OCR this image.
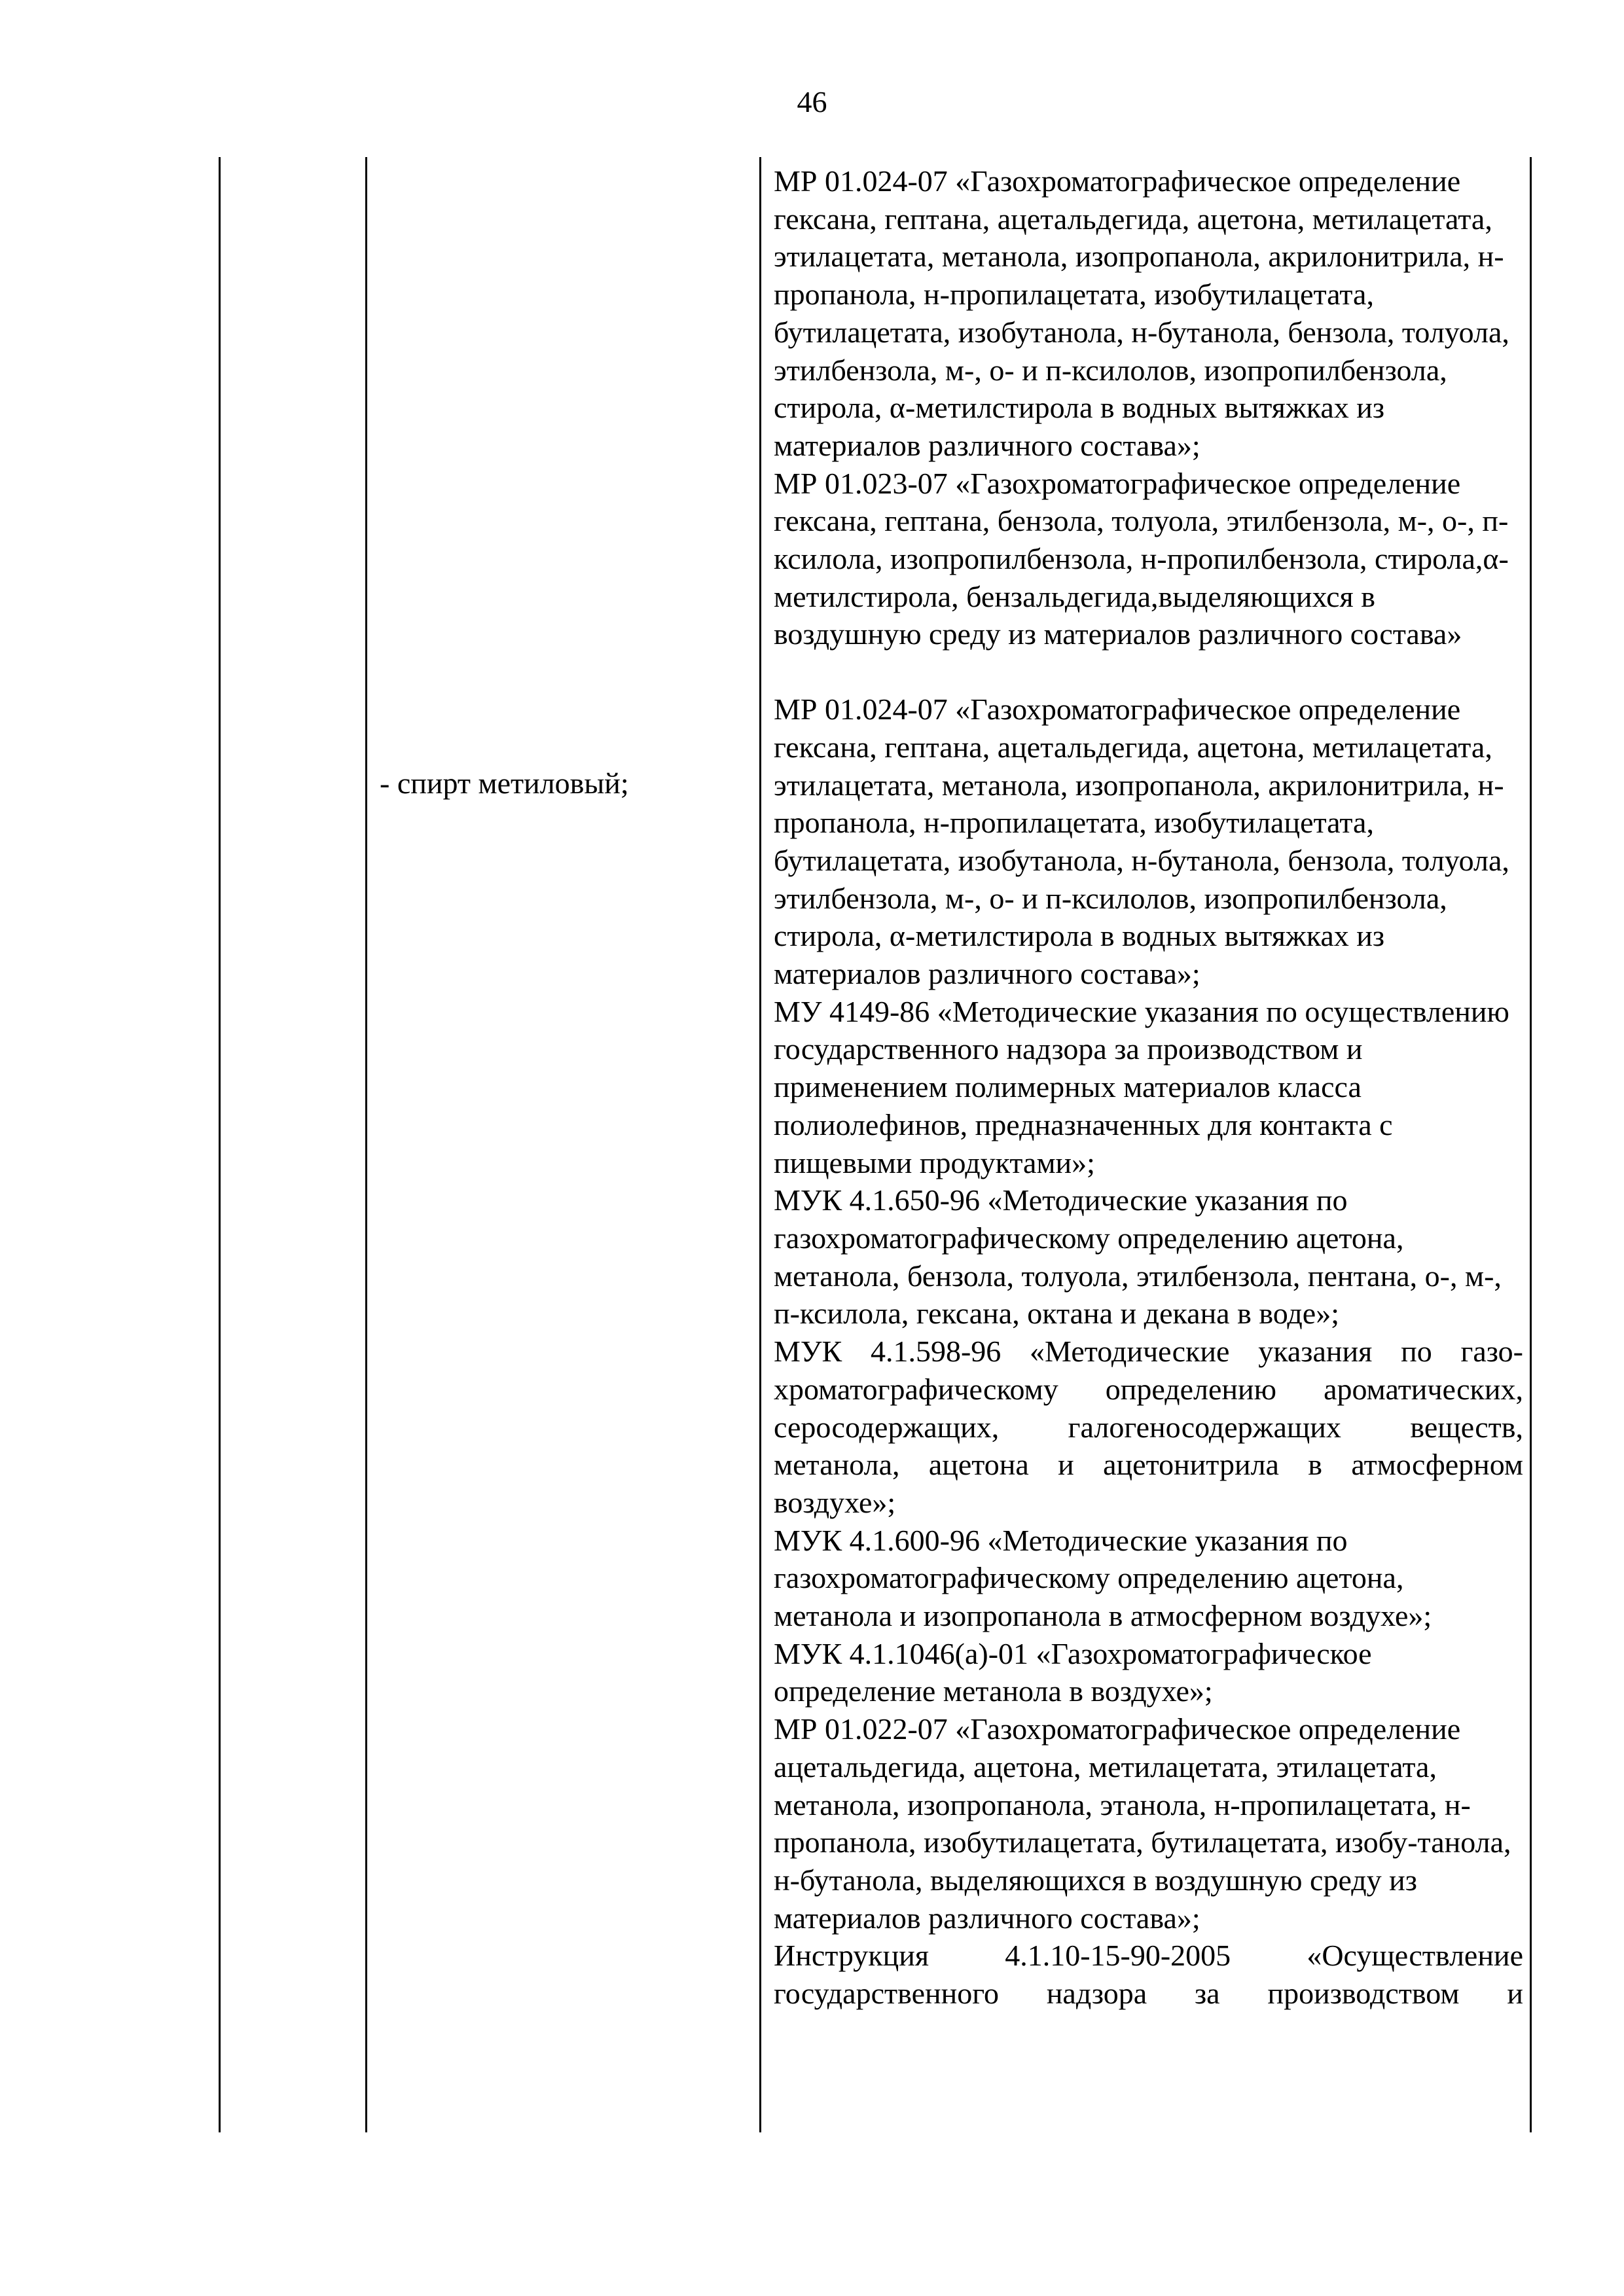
46
- спирт метиловый;

МР 01.024-07 «Газохроматографическое определение гексана, гептана, ацетальдегида, ацетона, метилацетата, этилацетата, метанола, изопропанола, акрилонитрила, н-пропанола, н-пропилацетата, изобутилацетата, бутилацетата, изобутанола, н-бутанола, бензола, толуола, этилбензола, м-, о- и п-ксилолов, изопропилбензола, стирола, α-метилстирола в водных вытяжках из материалов различного состава»;

МР 01.023-07 «Газохроматографическое определение гексана, гептана, бензола, толуола, этилбензола, м-, о-, п-ксилола, изопропилбензола, н-пропилбензола, стирола,α-метилстирола, бензальдегида,выделяющихся в воздушную среду из материалов различного состава»

МР 01.024-07 «Газохроматографическое определение гексана, гептана, ацетальдегида, ацетона, метилацетата, этилацетата, метанола, изопропанола, акрилонитрила, н-пропанола, н-пропилацетата, изобутилацетата, бутилацетата, изобутанола, н-бутанола, бензола, толуола, этилбензола, м-, о- и п-ксилолов, изопропилбензола, стирола, α-метилстирола в водных вытяжках из материалов различного состава»;

МУ 4149-86 «Методические указания по осуществлению государственного надзора за производством и применением полимерных материалов класса полиолефинов, предназначенных для контакта с пищевыми продуктами»;

МУК 4.1.650-96 «Методические указания по газохроматографическому определению ацетона, метанола, бензола, толуола, этилбензола, пентана, о-, м-, п-ксилола, гексана, октана и декана в воде»;

МУК 4.1.598-96 «Методические указания по газо-хроматографическому определению ароматических, серосодержащих, галогеносодержащих веществ, метанола, ацетона и ацетонитрила в атмосферном воздухе»;

МУК 4.1.600-96 «Методические указания по газохроматографическому определению ацетона, метанола и изопропанола в атмосферном воздухе»;

МУК 4.1.1046(а)-01 «Газохроматографическое определение метанола в воздухе»;

МР 01.022-07 «Газохроматографическое определение ацетальдегида, ацетона, метилацетата, этилацетата, метанола, изопропанола, этанола, н-пропилацетата, н-пропанола, изобутилацетата, бутилацетата, изобу-танола, н-бутанола, выделяющихся в воздушную среду из материалов различного состава»;

Инструкция 4.1.10-15-90-2005 «Осуществление государственного надзора за производством и
